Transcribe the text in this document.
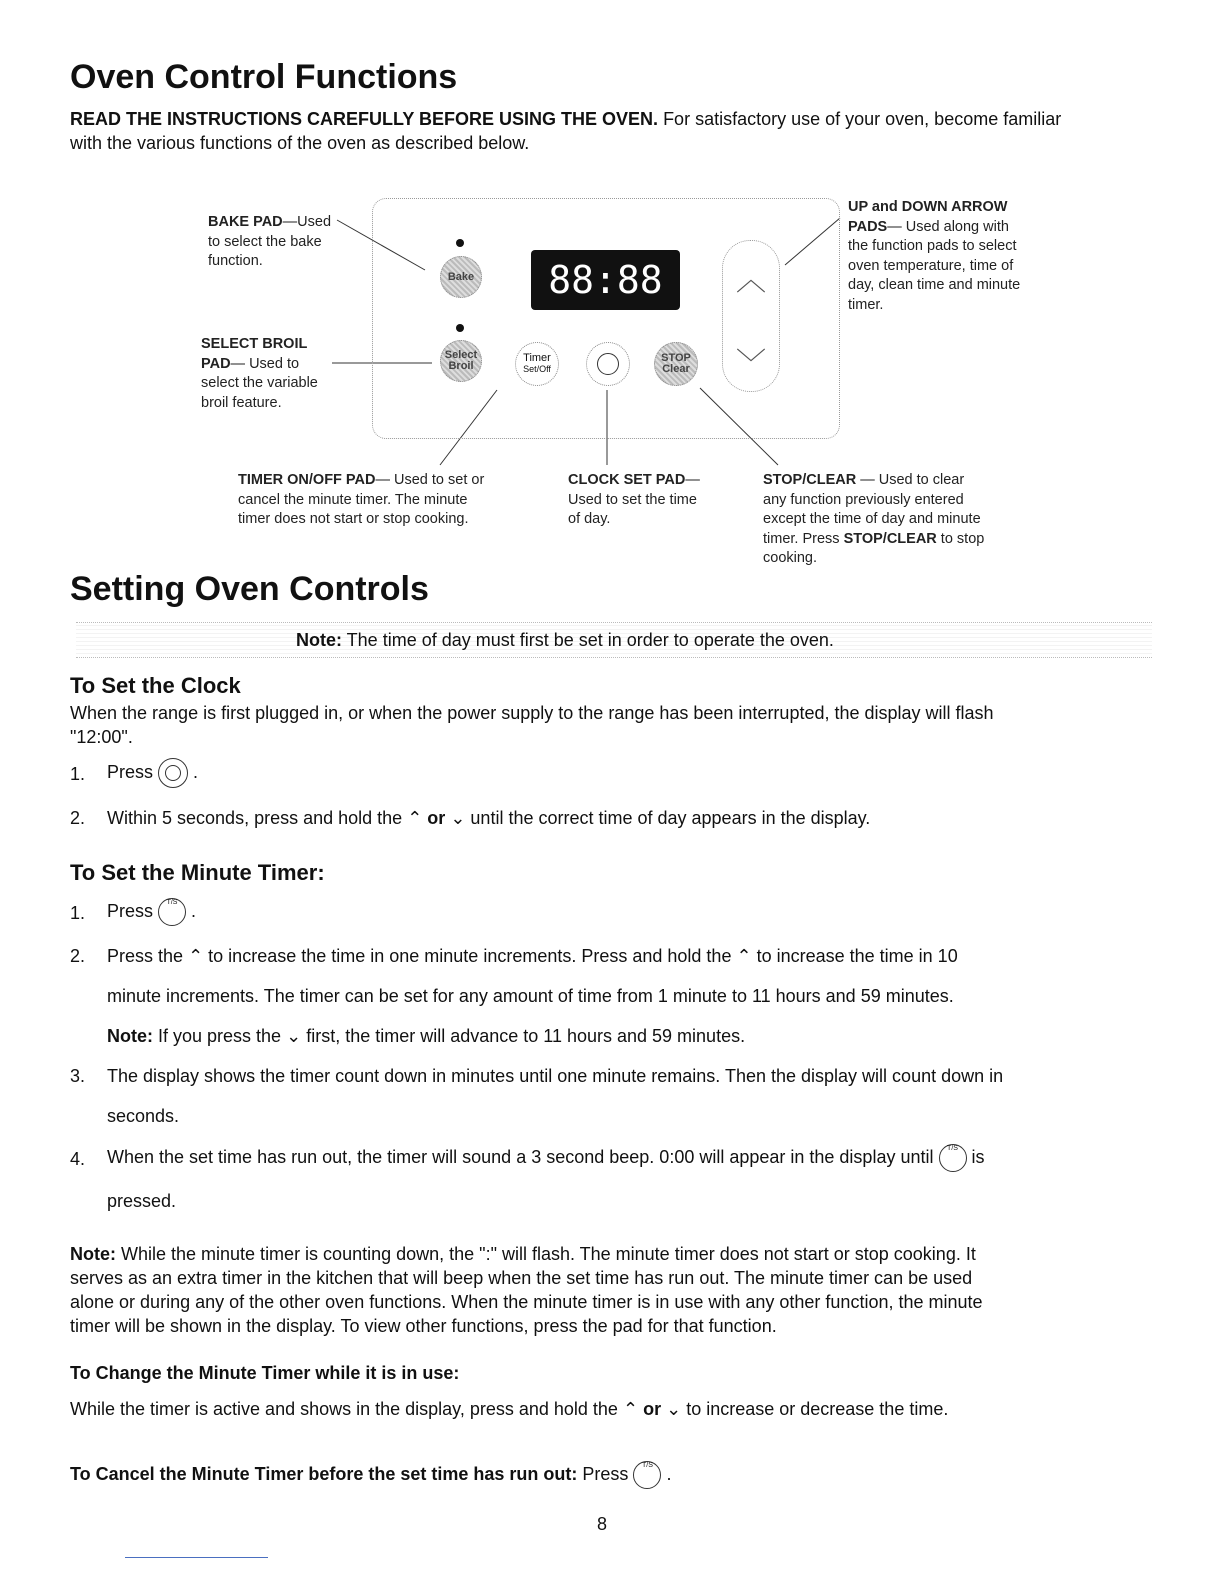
Oven Control Functions
READ THE INSTRUCTIONS CAREFULLY BEFORE USING THE OVEN. For satisfactory use of your oven, become familiar
with the various functions of the oven as described below.
88:88
Bake
Select
Broil
Timer
Set/Off
STOP
Clear
︿
﹀
BAKE PAD—Used
to select the bake
function.
SELECT BROIL
PAD— Used to
select the variable
broil feature.
UP and DOWN ARROW
PADS— Used along with
the function pads to select
oven temperature, time of
day, clean time and minute
timer.
TIMER ON/OFF PAD— Used to set or
cancel the minute timer. The minute
timer does not start or stop cooking.
CLOCK SET PAD—
Used to set the time
of day.
STOP/CLEAR — Used to clear
any function previously entered
except the time of day and minute
timer. Press STOP/CLEAR to stop
cooking.
Setting Oven Controls
Note: The time of day must first be set in order to operate the oven.
To Set the Clock
When the range is first plugged in, or when the power supply to the range has been interrupted, the display will flash
"12:00".
1. Press .
2. Within 5 seconds, press and hold the ⌃ or ⌄ until the correct time of day appears in the display.
To Set the Minute Timer:
1. Press T/S .
2. Press the ⌃ to increase the time in one minute increments. Press and hold the ⌃ to increase the time in 10
minute increments. The timer can be set for any amount of time from 1 minute to 11 hours and 59 minutes.
Note: If you press the ⌄ first, the timer will advance to 11 hours and 59 minutes.
3. The display shows the timer count down in minutes until one minute remains. Then the display will count down in
seconds.
4. When the set time has run out, the timer will sound a 3 second beep. 0:00 will appear in the display until T/S is
pressed.
Note: While the minute timer is counting down, the ":" will flash. The minute timer does not start or stop cooking. It
serves as an extra timer in the kitchen that will beep when the set time has run out. The minute timer can be used
alone or during any of the other oven functions. When the minute timer is in use with any other function, the minute
timer will be shown in the display. To view other functions, press the pad for that function.
To Change the Minute Timer while it is in use:
While the timer is active and shows in the display, press and hold the ⌃ or ⌄ to increase or decrease the time.
To Cancel the Minute Timer before the set time has run out: Press T/S .
8
